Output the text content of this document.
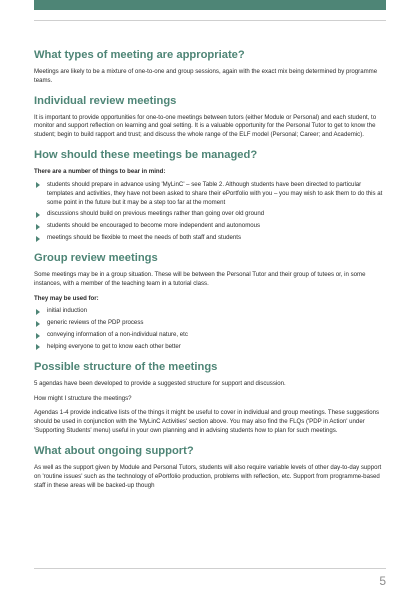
What types of meeting are appropriate?

Meetings are likely to be a mixture of one-to-one and group sessions, again with the exact mix being determined by programme teams.

Individual review meetings

It is important to provide opportunities for one-to-one meetings between tutors (either Module or Personal) and each student, to monitor and support reflection on learning and goal setting. It is a valuable opportunity for the Personal Tutor to get to know the student; begin to build rapport and trust; and discuss the whole range of the ELF model (Personal; Career; and Academic).

How should these meetings be managed?

There are a number of things to bear in mind:

students should prepare in advance using 'MyLinC' – see Table 2. Although students have been directed to particular templates and activities, they have not been asked to share their ePortfolio with you – you may wish to ask them to do this at some point in the future but it may be a step too far at the moment
discussions should build on previous meetings rather than going over old ground
students should be encouraged to become more independent and autonomous
meetings should be flexible to meet the needs of both staff and students
Group review meetings

Some meetings may be in a group situation. These will be between the Personal Tutor and their group of tutees or, in some instances, with a member of the teaching team in a tutorial class.

They may be used for:

initial induction
generic reviews of the PDP process
conveying information of a non-individual nature, etc
helping everyone to get to know each other better
Possible structure of the meetings

5 agendas have been developed to provide a suggested structure for support and discussion.

How might I structure the meetings?

Agendas 1-4 provide indicative lists of the things it might be useful to cover in individual and group meetings. These suggestions should be used in conjunction with the 'MyLinC Activities' section above. You may also find the FLQs ('PDP in Action' under 'Supporting Students' menu) useful in your own planning and in advising students how to plan for such meetings.

What about ongoing support?

As well as the support given by Module and Personal Tutors, students will also require variable levels of other day-to-day support on 'routine issues' such as the technology of ePortfolio production, problems with reflection, etc. Support from programme-based staff in these areas will be backed-up though

5
